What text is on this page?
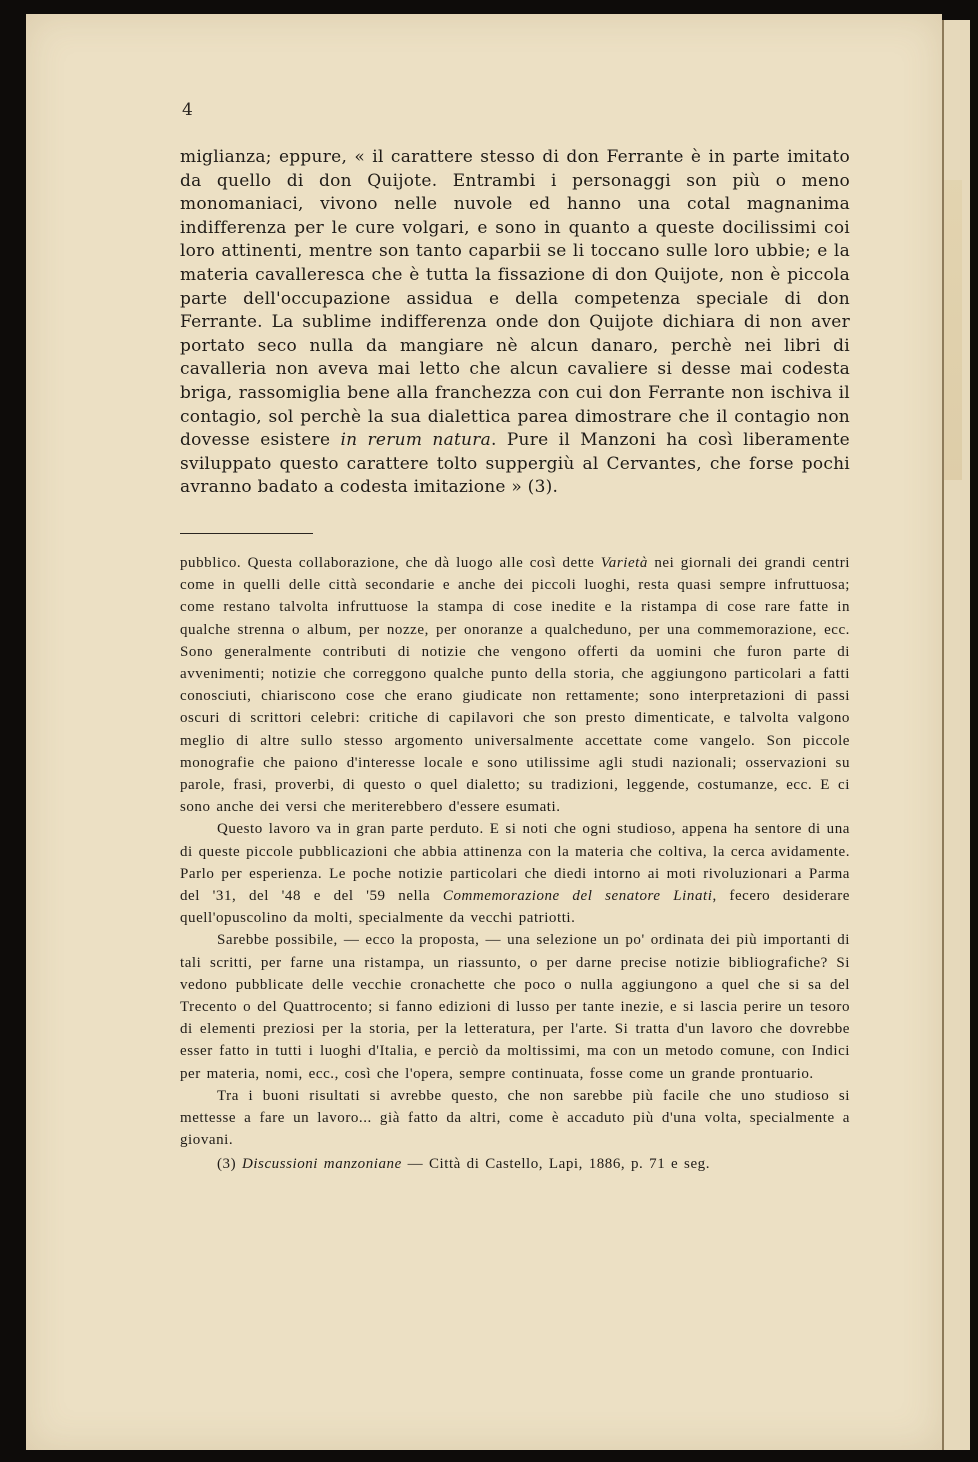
4

miglianza; eppure, « il carattere stesso di don Ferrante è in parte imitato da quello di don Quijote. Entrambi i personaggi son più o meno monomaniaci, vivono nelle nuvole ed hanno una cotal magnanima indifferenza per le cure volgari, e sono in quanto a queste docilissimi coi loro attinenti, mentre son tanto caparbii se li toccano sulle loro ubbie; e la materia cavalleresca che è tutta la fissazione di don Quijote, non è piccola parte dell'occupazione assidua e della competenza speciale di don Ferrante. La sublime indifferenza onde don Quijote dichiara di non aver portato seco nulla da mangiare nè alcun danaro, perchè nei libri di cavalleria non aveva mai letto che alcun cavaliere si desse mai codesta briga, rassomiglia bene alla franchezza con cui don Ferrante non ischiva il contagio, sol perchè la sua dialettica parea dimostrare che il contagio non dovesse esistere in rerum natura. Pure il Manzoni ha così liberamente sviluppato questo carattere tolto suppergiù al Cervantes, che forse pochi avranno badato a codesta imitazione » (3).

pubblico. Questa collaborazione, che dà luogo alle così dette Varietà nei giornali dei grandi centri come in quelli delle città secondarie e anche dei piccoli luoghi, resta quasi sempre infruttuosa; come restano talvolta infruttuose la stampa di cose inedite e la ristampa di cose rare fatte in qualche strenna o album, per nozze, per onoranze a qualcheduno, per una commemorazione, ecc. Sono generalmente contributi di notizie che vengono offerti da uomini che furon parte di avvenimenti; notizie che correggono qualche punto della storia, che aggiungono particolari a fatti conosciuti, chiariscono cose che erano giudicate non rettamente; sono interpretazioni di passi oscuri di scrittori celebri: critiche di capilavori che son presto dimenticate, e talvolta valgono meglio di altre sullo stesso argomento universalmente accettate come vangelo. Son piccole monografie che paiono d'interesse locale e sono utilissime agli studi nazionali; osservazioni su parole, frasi, proverbi, di questo o quel dialetto; su tradizioni, leggende, costumanze, ecc. E ci sono anche dei versi che meriterebbero d'essere esumati.

Questo lavoro va in gran parte perduto. E si noti che ogni studioso, appena ha sentore di una di queste piccole pubblicazioni che abbia attinenza con la materia che coltiva, la cerca avidamente. Parlo per esperienza. Le poche notizie particolari che diedi intorno ai moti rivoluzionari a Parma del '31, del '48 e del '59 nella Commemorazione del senatore Linati, fecero desiderare quell'opuscolino da molti, specialmente da vecchi patriotti.

Sarebbe possibile, — ecco la proposta, — una selezione un po' ordinata dei più importanti di tali scritti, per farne una ristampa, un riassunto, o per darne precise notizie bibliografiche? Si vedono pubblicate delle vecchie cronachette che poco o nulla aggiungono a quel che si sa del Trecento o del Quattrocento; si fanno edizioni di lusso per tante inezie, e si lascia perire un tesoro di elementi preziosi per la storia, per la letteratura, per l'arte. Si tratta d'un lavoro che dovrebbe esser fatto in tutti i luoghi d'Italia, e perciò da moltissimi, ma con un metodo comune, con Indici per materia, nomi, ecc., così che l'opera, sempre continuata, fosse come un grande prontuario.

Tra i buoni risultati si avrebbe questo, che non sarebbe più facile che uno studioso si mettesse a fare un lavoro... già fatto da altri, come è accaduto più d'una volta, specialmente a giovani.

(3) Discussioni manzoniane — Città di Castello, Lapi, 1886, p. 71 e seg.
